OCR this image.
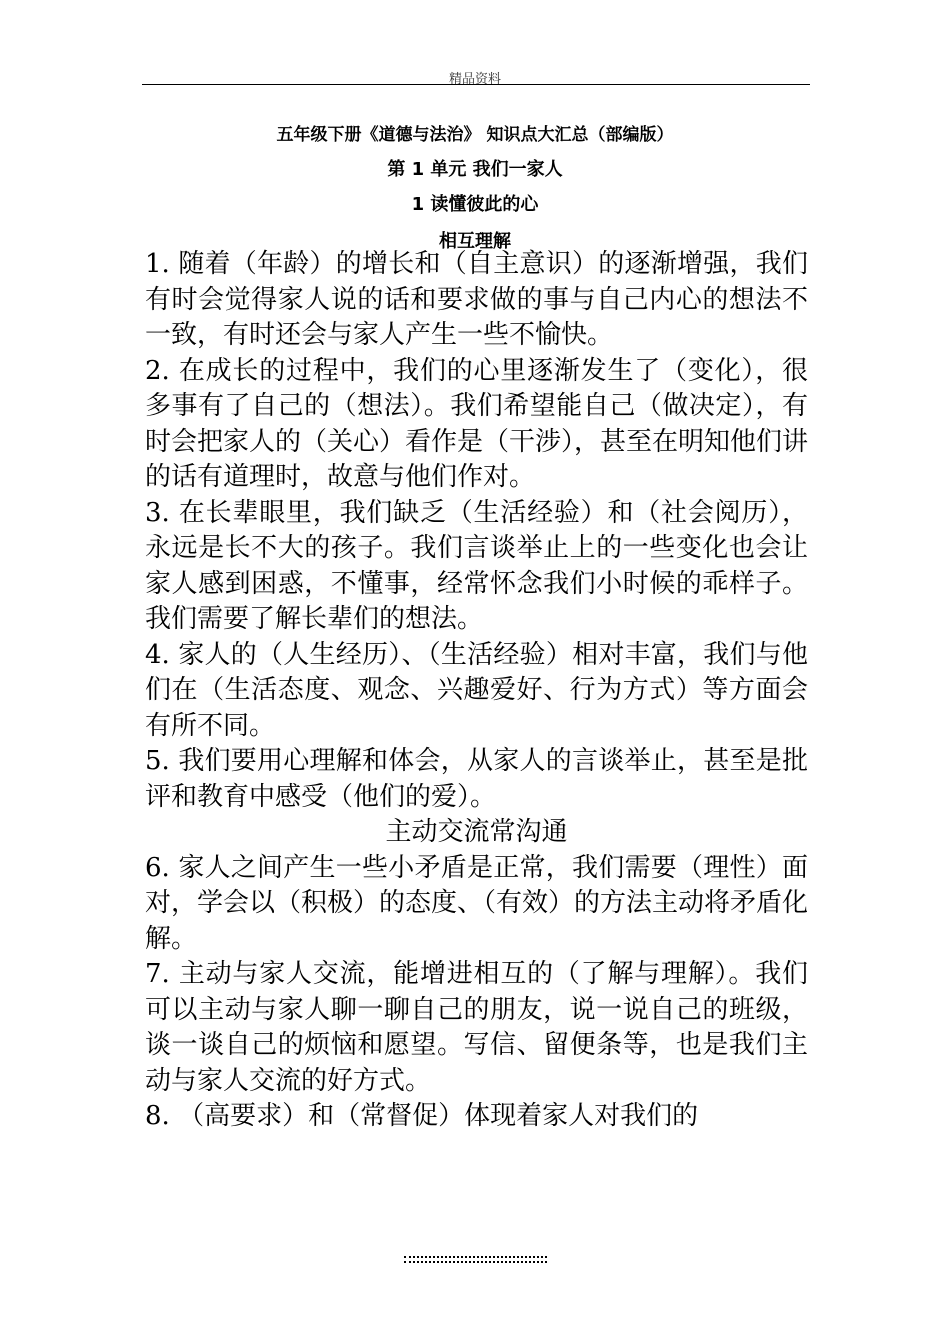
精品资料
五年级下册《道德与法治》 知识点大汇总（部编版）
第 1 单元 我们一家人
1 读懂彼此的心
相互理解

1. 随着（年龄）的增长和（自主意识）的逐渐增强，我们有时会觉得家人说的话和要求做的事与自己内心的想法不一致，有时还会与家人产生一些不愉快。

2. 在成长的过程中，我们的心里逐渐发生了（变化），很多事有了自己的（想法）。我们希望能自己（做决定），有时会把家人的（关心）看作是（干涉），甚至在明知他们讲的话有道理时，故意与他们作对。

3. 在长辈眼里，我们缺乏（生活经验）和（社会阅历），永远是长不大的孩子。我们言谈举止上的一些变化也会让家人感到困惑，不懂事，经常怀念我们小时候的乖样子。我们需要了解长辈们的想法。

4. 家人的（人生经历）、（生活经验）相对丰富，我们与他们在（生活态度、观念、兴趣爱好、行为方式）等方面会有所不同。

5. 我们要用心理解和体会，从家人的言谈举止，甚至是批评和教育中感受（他们的爱）。

主动交流常沟通

6. 家人之间产生一些小矛盾是正常，我们需要（理性）面对，学会以（积极）的态度、（有效）的方法主动将矛盾化解。

7. 主动与家人交流，能增进相互的（了解与理解）。我们可以主动与家人聊一聊自己的朋友，说一说自己的班级，谈一谈自己的烦恼和愿望。写信、留便条等，也是我们主动与家人交流的好方式。

8. （高要求）和（常督促）体现着家人对我们的
